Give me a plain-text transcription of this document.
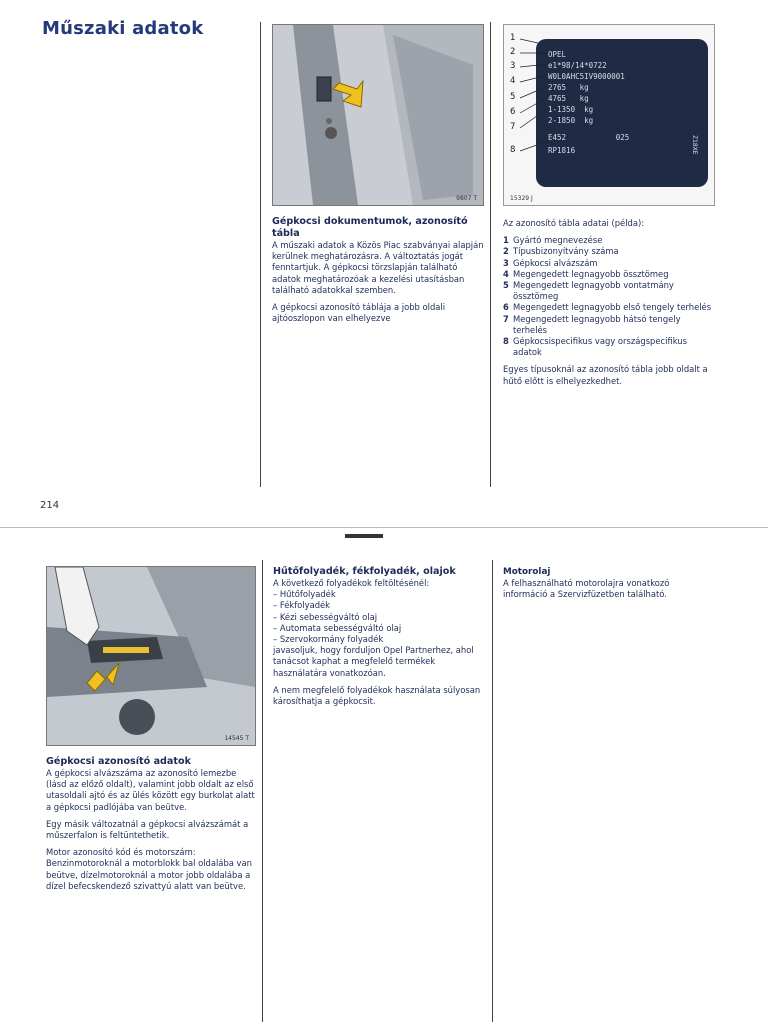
Műszaki adatok
9807 T
Gépkocsi dokumentumok, azonosító tábla

A műszaki adatok a Közös Piac szabványai alapján kerülnek meghatározásra. A változtatás jogát fenntartjuk. A gépkocsi törzslapján található adatok meghatározóak a kezelési utasításban található adatokkal szemben.

A gépkocsi azonosító táblája a jobb oldali ajtóoszlopon van elhelyezve

OPEL
e1*98/14*0722
W0L0AHC5IV9000001
2765   kg
4765   kg
1-1350  kg
2-1850  kg
E452           025
RP1816	Z18XE
1
2
3
4
5
6
7
8
15329 J

Az azonosító tábla adatai (példa):

1 Gyártó megnevezése
2 Típusbizonyítvány száma
3 Gépkocsi alvázszám
4 Megengedett legnagyobb össztömeg
5 Megengedett legnagyobb vontatmány össztömeg
6 Megengedett legnagyobb első tengely terhelés
7 Megengedett legnagyobb hátsó tengely terhelés
8 Gépkocsispecifikus vagy országspecifikus adatok

Egyes típusoknál az azonosító tábla jobb oldalt a hűtő előtt is elhelyezkedhet.

214
14545 T
Gépkocsi azonosító adatok

A gépkocsi alvázszáma az azonosító lemezbe (lásd az előző oldalt), valamint jobb oldalt az első utasoldali ajtó és az ülés között egy burkolat alatt a gépkocsi padlójába van beütve.

Egy másik változatnál a gépkocsi alvázszámát a műszerfalon is feltüntethetik.

Motor azonosító kód és motorszám: Benzinmotoroknál a motorblokk bal oldalába van beütve, dízelmotoroknál a motor jobb oldalába a dízel befecskendező szivattyú alatt van beütve.

Hűtőfolyadék, fékfolyadék, olajok
A következő folyadékok feltöltésénél:
– Hűtőfolyadék
– Fékfolyadék
– Kézi sebességváltó olaj
– Automata sebességváltó olaj
– Szervokormány folyadék

javasoljuk, hogy forduljon Opel Partnerhez, ahol tanácsot kaphat a megfelelő termékek használatára vonatkozóan.

A nem megfelelő folyadékok használata súlyosan károsíthatja a gépkocsit.

Motorolaj

A felhasználható motorolajra vonatkozó információ a Szervizfüzetben található.
